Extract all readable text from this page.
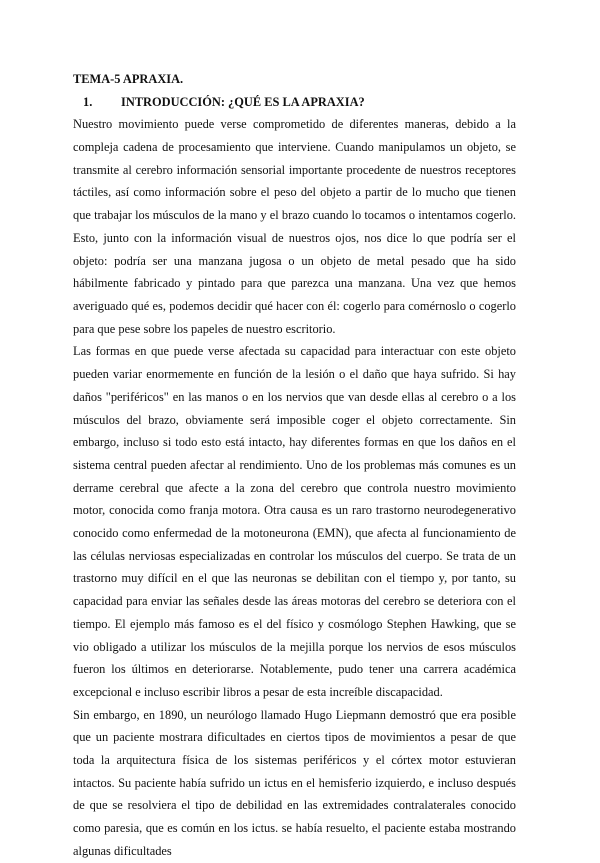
TEMA-5 APRAXIA.
1.	INTRODUCCIÓN: ¿QUÉ ES LA APRAXIA?

Nuestro movimiento puede verse comprometido de diferentes maneras, debido a la compleja cadena de procesamiento que interviene. Cuando manipulamos un objeto, se transmite al cerebro información sensorial importante procedente de nuestros receptores táctiles, así como información sobre el peso del objeto a partir de lo mucho que tienen que trabajar los músculos de la mano y el brazo cuando lo tocamos o intentamos cogerlo. Esto, junto con la información visual de nuestros ojos, nos dice lo que podría ser el objeto: podría ser una manzana jugosa o un objeto de metal pesado que ha sido hábilmente fabricado y pintado para que parezca una manzana. Una vez que hemos averiguado qué es, podemos decidir qué hacer con él: cogerlo para comérnoslo o cogerlo para que pese sobre los papeles de nuestro escritorio.

Las formas en que puede verse afectada su capacidad para interactuar con este objeto pueden variar enormemente en función de la lesión o el daño que haya sufrido. Si hay daños "periféricos" en las manos o en los nervios que van desde ellas al cerebro o a los músculos del brazo, obviamente será imposible coger el objeto correctamente. Sin embargo, incluso si todo esto está intacto, hay diferentes formas en que los daños en el sistema central pueden afectar al rendimiento. Uno de los problemas más comunes es un derrame cerebral que afecte a la zona del cerebro que controla nuestro movimiento motor, conocida como franja motora. Otra causa es un raro trastorno neurodegenerativo conocido como enfermedad de la motoneurona (EMN), que afecta al funcionamiento de las células nerviosas especializadas en controlar los músculos del cuerpo. Se trata de un trastorno muy difícil en el que las neuronas se debilitan con el tiempo y, por tanto, su capacidad para enviar las señales desde las áreas motoras del cerebro se deteriora con el tiempo. El ejemplo más famoso es el del físico y cosmólogo Stephen Hawking, que se vio obligado a utilizar los músculos de la mejilla porque los nervios de esos músculos fueron los últimos en deteriorarse. Notablemente, pudo tener una carrera académica excepcional e incluso escribir libros a pesar de esta increíble discapacidad.

Sin embargo, en 1890, un neurólogo llamado Hugo Liepmann demostró que era posible que un paciente mostrara dificultades en ciertos tipos de movimientos a pesar de que toda la arquitectura física de los sistemas periféricos y el córtex motor estuvieran intactos. Su paciente había sufrido un ictus en el hemisferio izquierdo, e incluso después de que se resolviera el tipo de debilidad en las extremidades contralaterales conocido como paresia, que es común en los ictus. se había resuelto, el paciente estaba mostrando algunas dificultades
